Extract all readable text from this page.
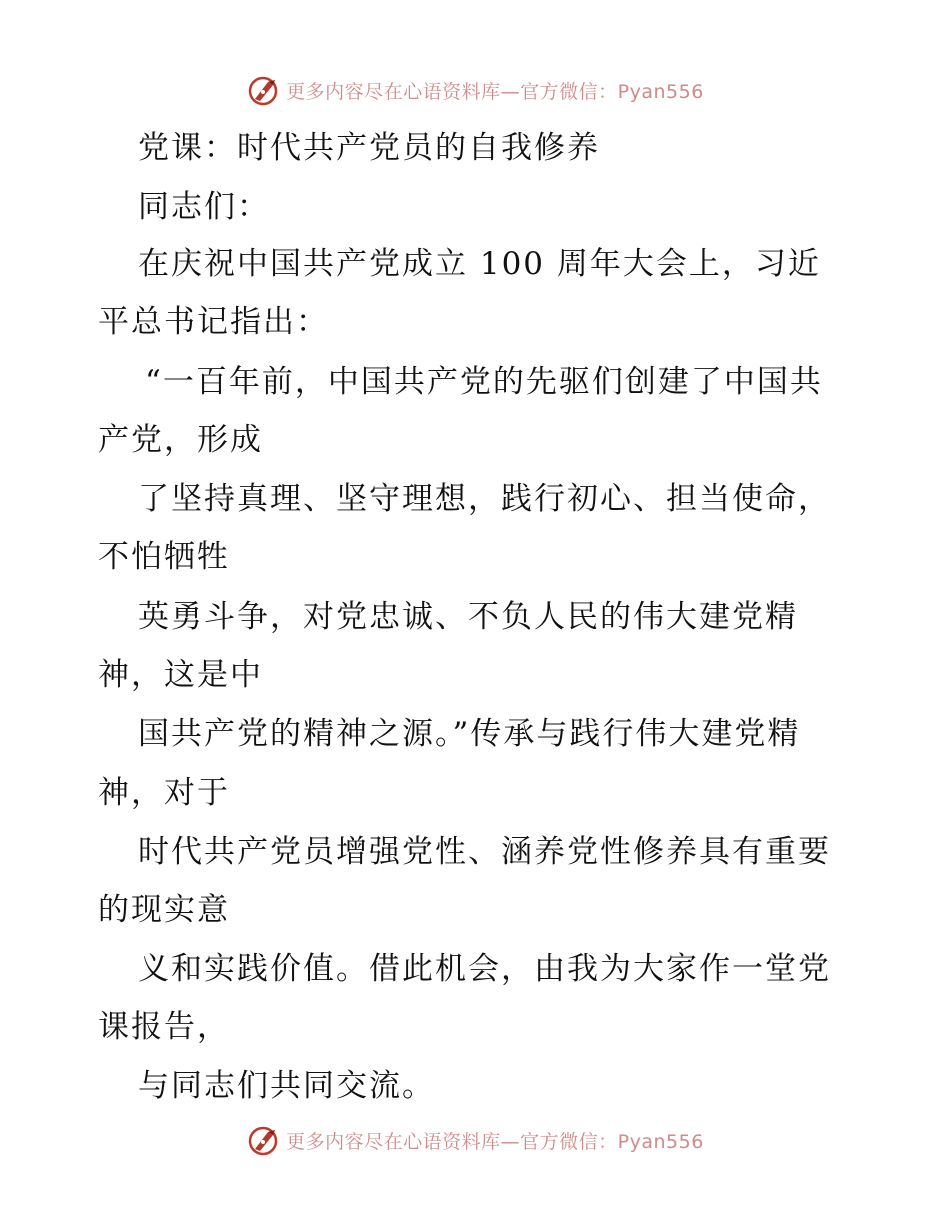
更多内容尽在心语资料库—官方微信：Pyan556
党课：时代共产党员的自我修养
同志们：
在庆祝中国共产党成立 100 周年大会上，习近
平总书记指出：
“一百年前，中国共产党的先驱们创建了中国共
产党，形成
了坚持真理、坚守理想，践行初心、担当使命，
不怕牺牲
英勇斗争，对党忠诚、不负人民的伟大建党精
神，这是中
国共产党的精神之源。”传承与践行伟大建党精
神，对于
时代共产党员增强党性、涵养党性修养具有重要
的现实意
义和实践价值。借此机会，由我为大家作一堂党
课报告，
与同志们共同交流。
更多内容尽在心语资料库—官方微信：Pyan556
